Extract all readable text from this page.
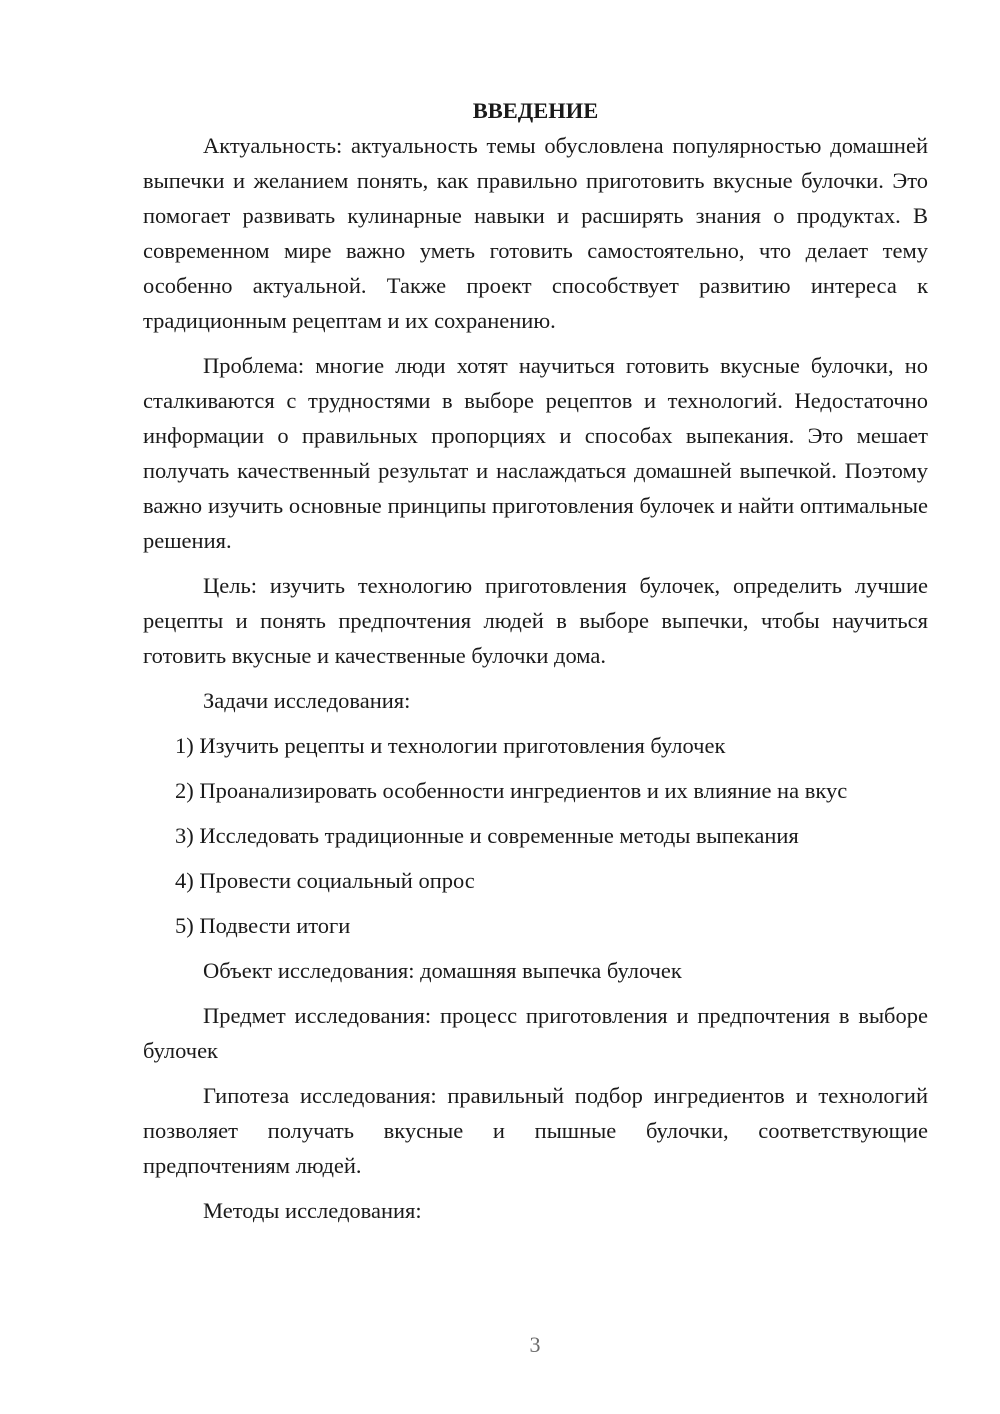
ВВЕДЕНИЕ

Актуальность: актуальность темы обусловлена популярностью домашней выпечки и желанием понять, как правильно приготовить вкусные булочки. Это помогает развивать кулинарные навыки и расширять знания о продуктах. В современном мире важно уметь готовить самостоятельно, что делает тему особенно актуальной. Также проект способствует развитию интереса к традиционным рецептам и их сохранению.

Проблема: многие люди хотят научиться готовить вкусные булочки, но сталкиваются с трудностями в выборе рецептов и технологий. Недостаточно информации о правильных пропорциях и способах выпекания. Это мешает получать качественный результат и наслаждаться домашней выпечкой. Поэтому важно изучить основные принципы приготовления булочек и найти оптимальные решения.

Цель: изучить технологию приготовления булочек, определить лучшие рецепты и понять предпочтения людей в выборе выпечки, чтобы научиться готовить вкусные и качественные булочки дома.

Задачи исследования:

1) Изучить рецепты и технологии приготовления булочек
2) Проанализировать особенности ингредиентов и их влияние на вкус
3) Исследовать традиционные и современные методы выпекания
4) Провести социальный опрос
5) Подвести итоги

Объект исследования: домашняя выпечка булочек

Предмет исследования: процесс приготовления и предпочтения в выборе булочек

Гипотеза исследования: правильный подбор ингредиентов и технологий позволяет получать вкусные и пышные булочки, соответствующие предпочтениям людей.

Методы исследования:

3
